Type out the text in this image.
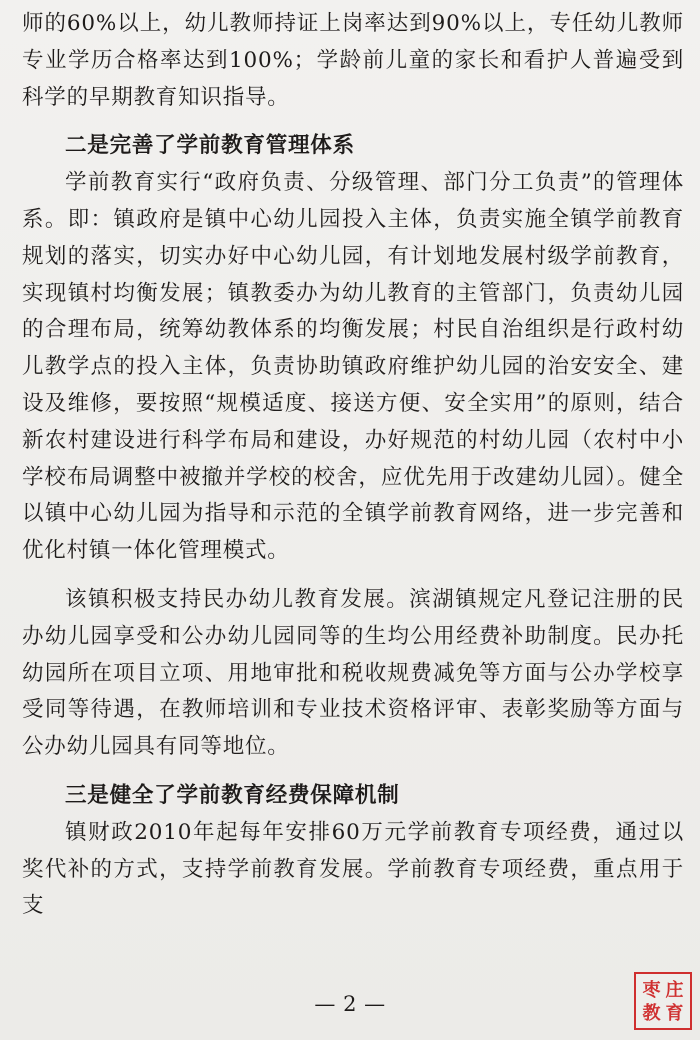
师的60%以上，幼儿教师持证上岗率达到90%以上，专任幼儿教师专业学历合格率达到100%；学龄前儿童的家长和看护人普遍受到科学的早期教育知识指导。

二是完善了学前教育管理体系

学前教育实行“政府负责、分级管理、部门分工负责”的管理体系。即：镇政府是镇中心幼儿园投入主体，负责实施全镇学前教育规划的落实，切实办好中心幼儿园，有计划地发展村级学前教育，实现镇村均衡发展；镇教委办为幼儿教育的主管部门，负责幼儿园的合理布局，统筹幼教体系的均衡发展；村民自治组织是行政村幼儿教学点的投入主体，负责协助镇政府维护幼儿园的治安安全、建设及维修，要按照“规模适度、接送方便、安全实用”的原则，结合新农村建设进行科学布局和建设，办好规范的村幼儿园（农村中小学校布局调整中被撤并学校的校舍，应优先用于改建幼儿园）。健全以镇中心幼儿园为指导和示范的全镇学前教育网络，进一步完善和优化村镇一体化管理模式。

该镇积极支持民办幼儿教育发展。滨湖镇规定凡登记注册的民办幼儿园享受和公办幼儿园同等的生均公用经费补助制度。民办托幼园所在项目立项、用地审批和税收规费减免等方面与公办学校享受同等待遇，在教师培训和专业技术资格评审、表彰奖励等方面与公办幼儿园具有同等地位。

三是健全了学前教育经费保障机制

镇财政2010年起每年安排60万元学前教育专项经费，通过以奖代补的方式，支持学前教育发展。学前教育专项经费，重点用于支

— 2 —
枣 庄
教 育
